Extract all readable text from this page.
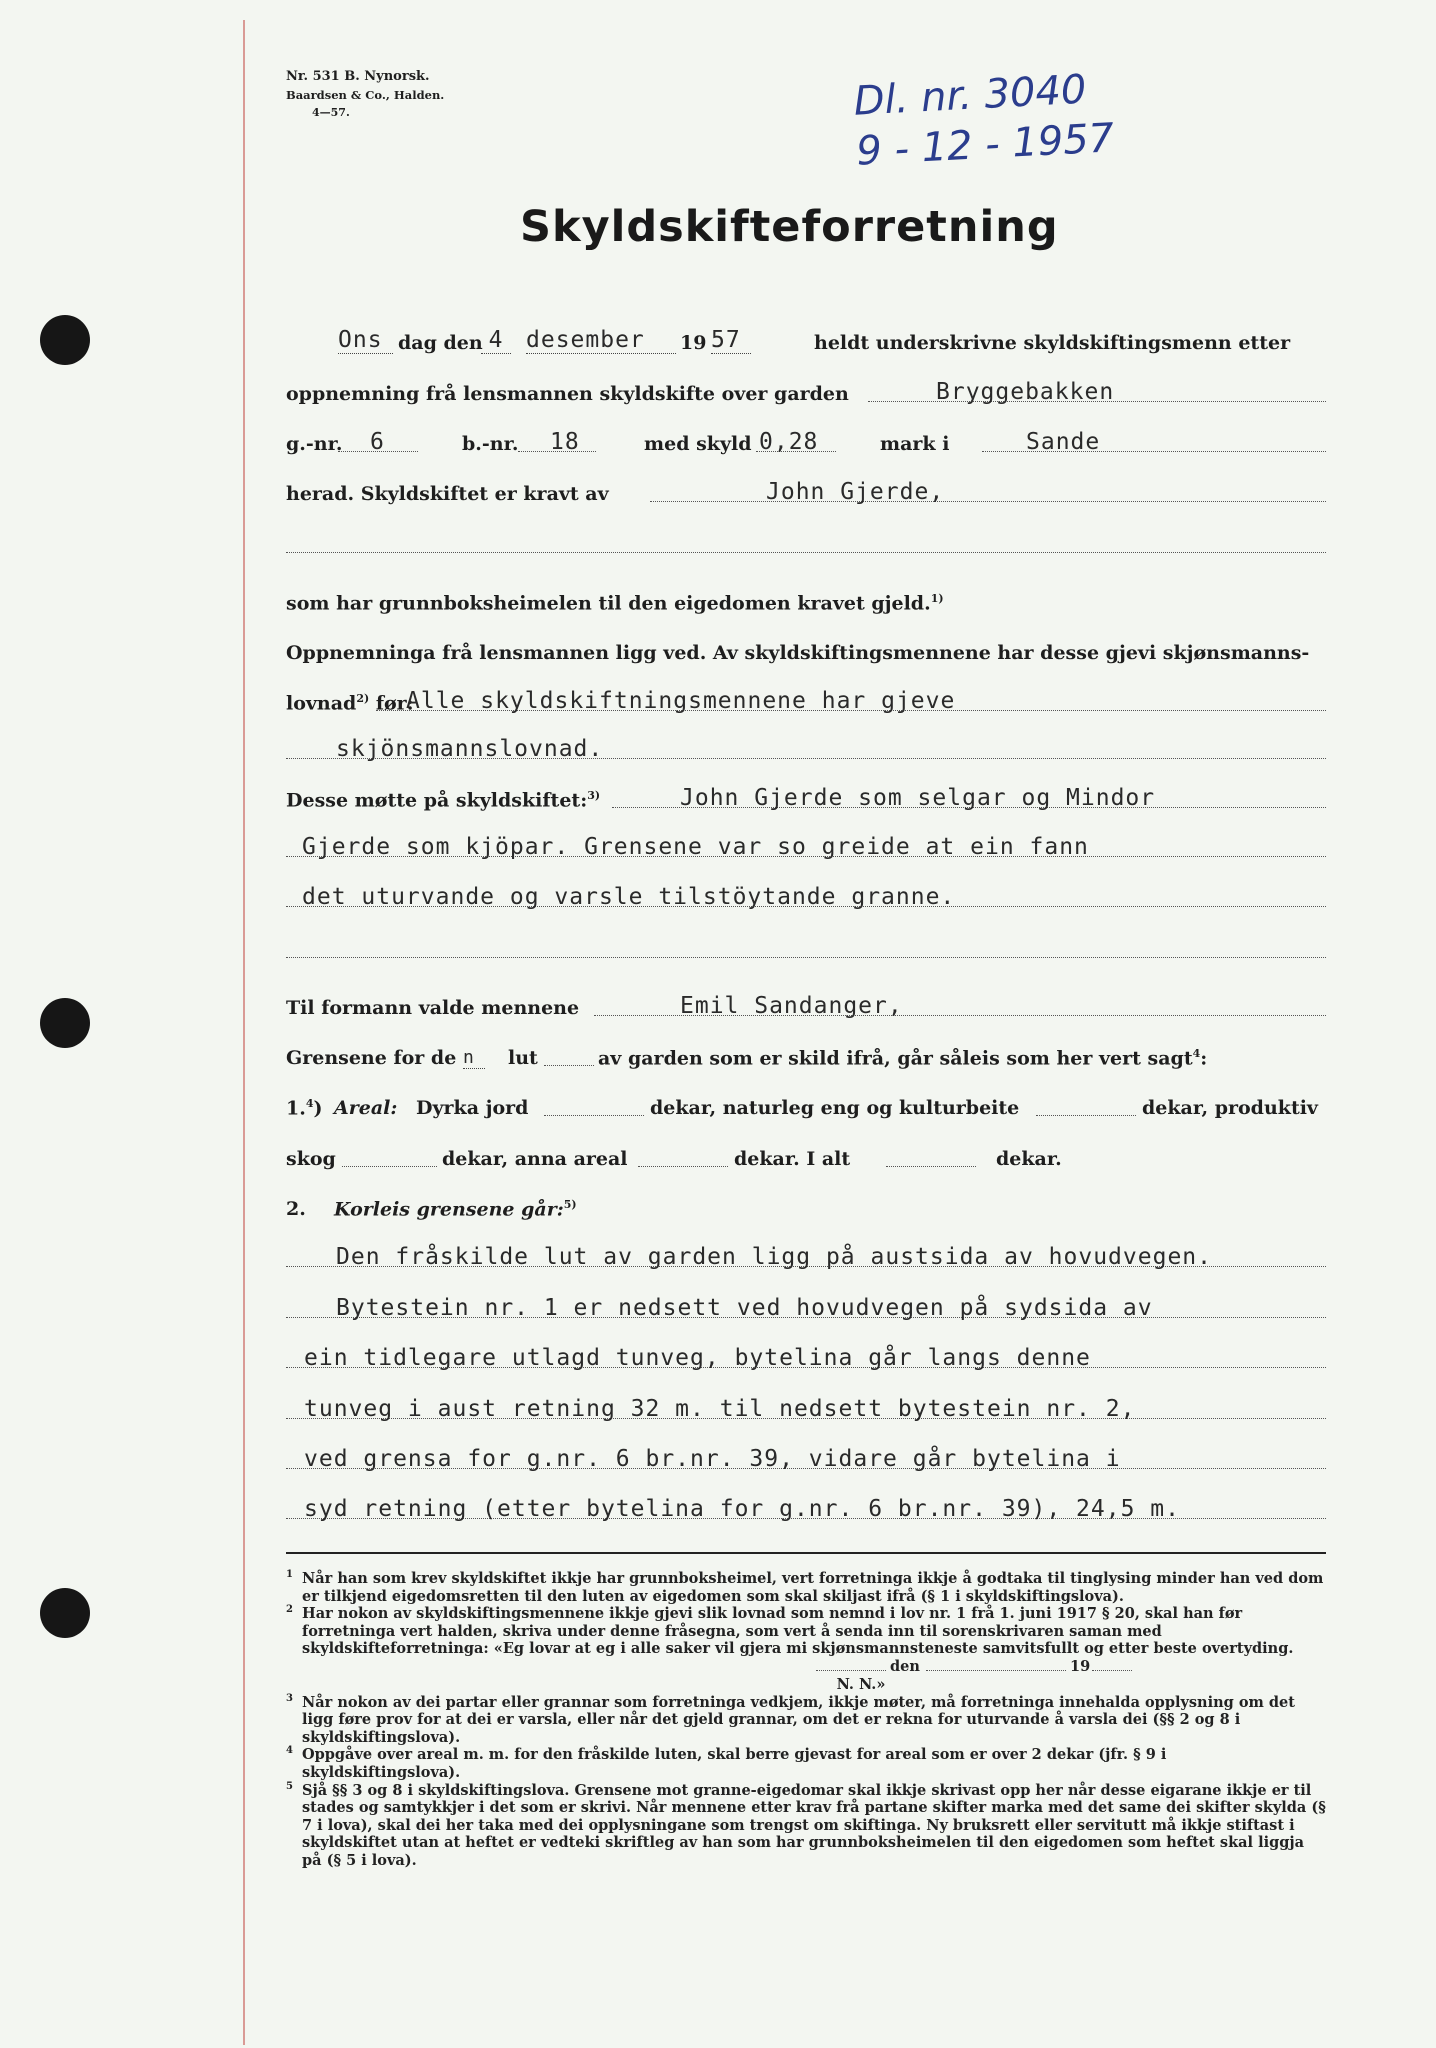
Nr. 531 B. Nynorsk.
Baardsen & Co., Halden.
4—57.	Dl. nr. 3040
9 - 12 - 1957
Skyldskifteforretning
Ons dag den 4 desember	19 57	heldt underskrivne skyldskiftingsmenn etter
oppnemning frå lensmannen skyldskifte over garden	Bryggebakken
g.-nr. 6	b.-nr. 18	med skyld 0,28	mark i	Sande
herad. Skyldskiftet er kravt av	John Gjerde,
som har grunnboksheimelen til den eigedomen kravet gjeld.$^{1)}$
Oppnemninga frå lensmannen ligg ved. Av skyldskiftingsmennene har desse gjevi skjønsmanns-
lovnad$^{2)}$ før:
Alle skyldskiftningsmennene har gjeve
skjönsmannslovnad.
Desse møtte på skyldskiftet:$^{3)}$	John Gjerde som selgar og Mindor
Gjerde som kjöpar. Grensene var so greide at ein fann
det uturvande og varsle tilstöytande granne.
Til formann valde mennene	Emil Sandanger,
Grensene for de n	lut	av garden som er skild ifrå, går såleis som her vert sagt$^4$:
1.$^4$) Areal: Dyrka jord	dekar, naturleg eng og kulturbeite	dekar, produktiv
skog	dekar, anna areal	dekar. I alt	dekar.
2. Korleis grensene går:$^{5)}$
Den fråskilde lut av garden ligg på austsida av hovudvegen.
Bytestein nr. 1 er nedsett ved hovudvegen på sydsida av
ein tidlegare utlagd tunveg, bytelina går langs denne
tunveg i aust retning 32 m. til nedsett bytestein nr. 2,
ved grensa for g.nr. 6 br.nr. 39, vidare går bytelina i
syd retning (etter bytelina for g.nr. 6 br.nr. 39), 24,5 m.
1 Når han som krev skyldskiftet ikkje har grunnboksheimel, vert forretninga ikkje å godtaka til tinglysing minder han ved dom er tilkjend eigedomsretten til den luten av eigedomen som skal skiljast ifrå (§ 1 i skyldskiftingslova).
2 Har nokon av skyldskiftingsmennene ikkje gjevi slik lovnad som nemnd i lov nr. 1 frå 1. juni 1917 § 20, skal han før forretninga vert halden, skriva under denne fråsegna, som vert å senda inn til sorenskrivaren saman med skyldskifteforretninga: «Eg lovar at eg i alle saker vil gjera mi skjønsmannsteneste samvitsfullt og etter beste overtyding.
den	19
N. N.»
3 Når nokon av dei partar eller grannar som forretninga vedkjem, ikkje møter, må forretninga innehalda opplysning om det ligg føre prov for at dei er varsla, eller når det gjeld grannar, om det er rekna for uturvande å varsla dei (§§ 2 og 8 i skyldskiftingslova).
4 Oppgåve over areal m. m. for den fråskilde luten, skal berre gjevast for areal som er over 2 dekar (jfr. § 9 i skyldskiftingslova).
5 Sjå §§ 3 og 8 i skyldskiftingslova. Grensene mot granne-eigedomar skal ikkje skrivast opp her når desse eigarane ikkje er til stades og samtykkjer i det som er skrivi. Når mennene etter krav frå partane skifter marka med det same dei skifter skylda (§ 7 i lova), skal dei her taka med dei opplysningane som trengst om skiftinga. Ny bruksrett eller servitutt må ikkje stiftast i skyldskiftet utan at heftet er vedteki skriftleg av han som har grunnboksheimelen til den eigedomen som heftet skal liggja på (§ 5 i lova).
